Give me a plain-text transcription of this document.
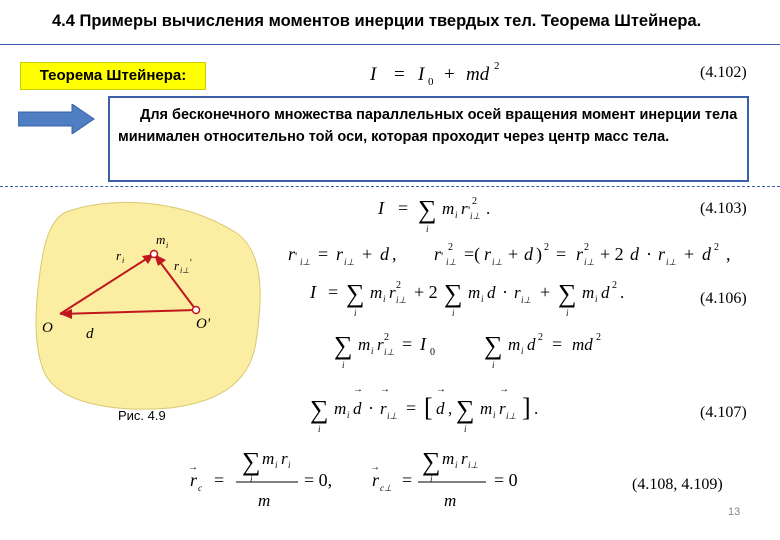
4.4 Примеры вычисления моментов инерции твердых тел. Теорема Штейнера.
Теорема Штейнера:	I = I 0 + md 2	(4.102)
Для бесконечного множества параллельных осей вращения момент инерции тела минимален относительно той оси, которая проходит через центр масс тела.
O	O'
d
m i
r i	r i⊥
'
Рис. 4.9
I = ∑
i
m i r '
2
i⊥ .	(4.103)
r ' i⊥ = r i⊥ + d , r '
2
i⊥ =( r i⊥ + d ) 2 = r 2
i⊥ + 2 d · r i⊥ + d 2 ,
I = ∑
i
m i r 2
i⊥ + 2 ∑
i
m i d · r i⊥ + ∑
i
m i d 2 .	(4.106)
∑
i
m i r 2
i⊥ = I 0 ∑
i
m i d 2 = md 2
∑
i
m i d
→
· r
→
i⊥ = [ d
→
, ∑
i
m i r
→
i⊥ ] .	(4.107)
r
→
c =
∑
i
m i r i
m
= 0, r
→
c⊥ =
∑
i
m i r i⊥
m
= 0	(4.108, 4.109)
13
